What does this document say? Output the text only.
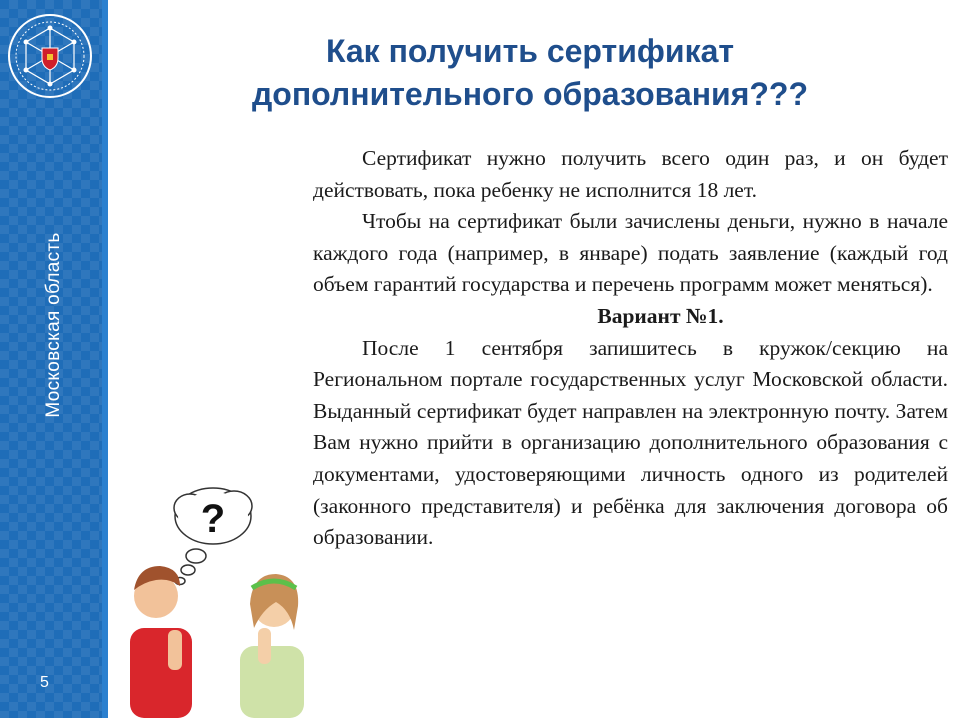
Московская область
5
Как получить сертификат
дополнительного образования???

Сертификат нужно получить всего один раз, и он будет действовать, пока ребенку не исполнится 18 лет.

Чтобы на сертификат были зачислены деньги, нужно в начале каждого года (например, в январе) подать заявление (каждый год объем гарантий государства и перечень программ может меняться).

Вариант №1.

После 1 сентября запишитесь в кружок/секцию на Региональном портале государственных услуг Московской области. Выданный сертификат будет направлен на электронную почту. Затем Вам нужно прийти в организацию дополнительного образования с документами, удостоверяющими личность одного из родителей (законного представителя) и ребёнка для заключения договора об образовании.

?
